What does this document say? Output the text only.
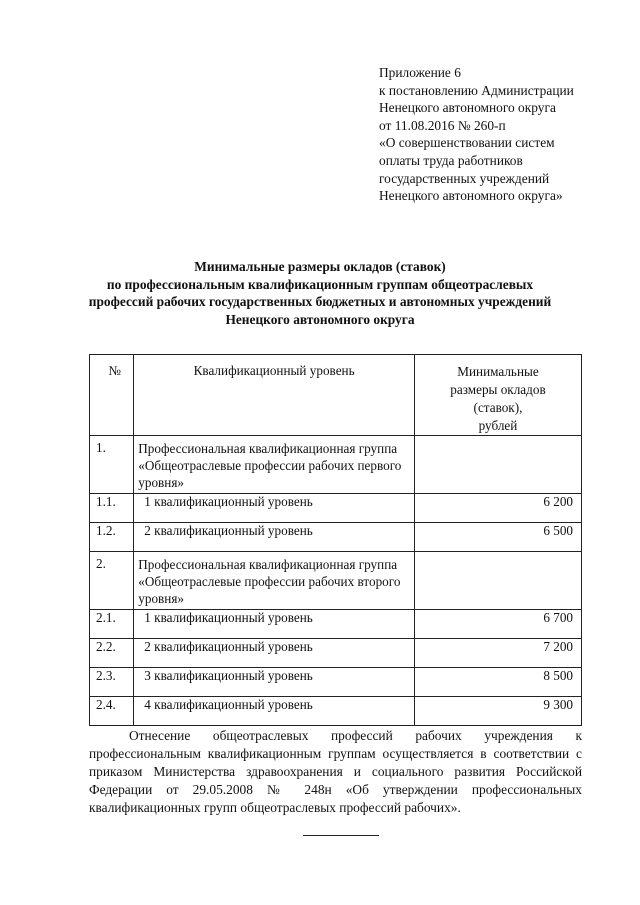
Приложение 6
к постановлению Администрации
Ненецкого автономного округа
от 11.08.2016 № 260-п
«О совершенствовании систем
оплаты труда работников
государственных учреждений
Ненецкого автономного округа»
Минимальные размеры окладов (ставок)
по профессиональным квалификационным группам общеотраслевых
профессий рабочих государственных бюджетных и автономных учреждений
Ненецкого автономного округа
№	Квалификационный уровень	Минимальные
размеры окладов
(ставок),
рублей

1.	Профессиональная квалификационная группа
«Общеотраслевые профессии рабочих первого
уровня»	

1.1.	1 квалификационный уровень	6 200
1.2.	2 квалификационный уровень	6 500
2.	Профессиональная квалификационная группа
«Общеотраслевые профессии рабочих второго
уровня»	

2.1.	1 квалификационный уровень	6 700
2.2.	2 квалификационный уровень	7 200
2.3.	3 квалификационный уровень	8 500
2.4.	4 квалификационный уровень	9 300
Отнесение общеотраслевых профессий рабочих учреждения к
профессиональным квалификационным группам осуществляется в соответствии с
приказом Министерства здравоохранения и социального развития Российской
Федерации от 29.05.2008 № 248н «Об утверждении профессиональных
квалификационных групп общеотраслевых профессий рабочих».
